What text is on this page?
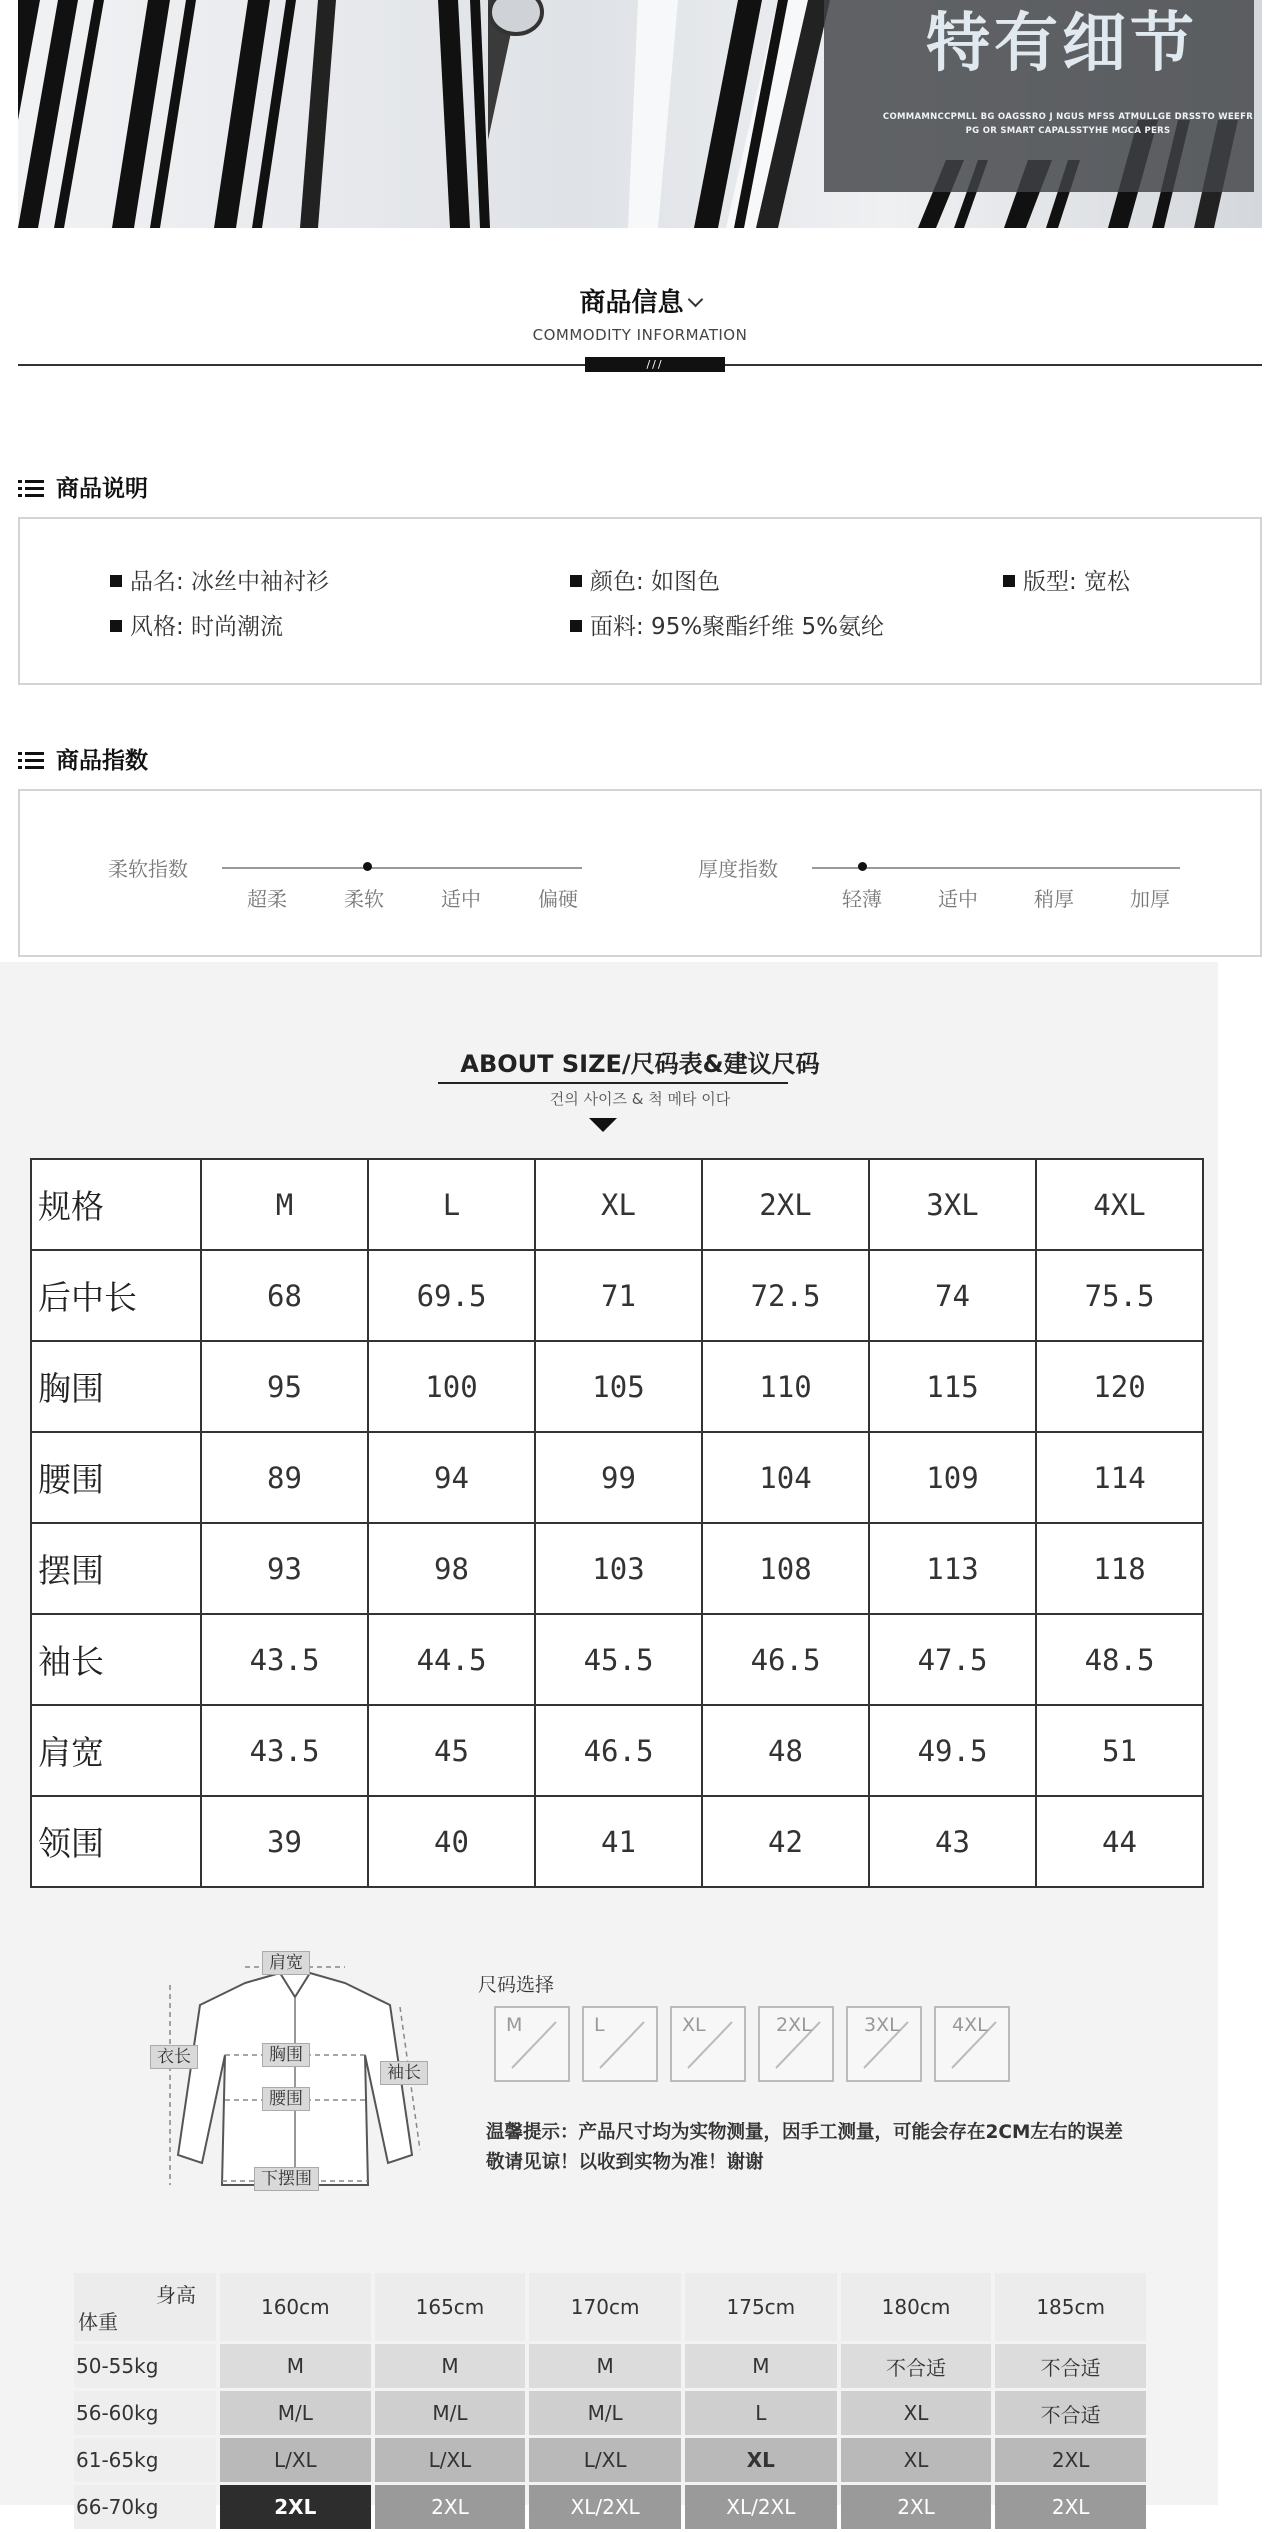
特有细节
COMMAMNCCPMLL BG OAGSSRO J NGUS MFSS ATMULLGE DRSSTO WEEFR PG OR SMART CAPALSSTYHE MGCA PERS
商品信息
COMMODITY INFORMATION
///
商品说明
品名: 冰丝中袖衬衫	颜色: 如图色	版型: 宽松
风格: 时尚潮流	面料: 95%聚酯纤维 5%氨纶
商品指数
柔软指数
超柔	柔软	适中	偏硬
厚度指数
轻薄	适中	稍厚	加厚
ABOUT SIZE/尺码表&建议尺码
건의 사이즈 & 척 메타 이다
规格	M	L	XL	2XL	3XL	4XL
后中长	68	69.5	71	72.5	74	75.5
胸围	95	100	105	110	115	120
腰围	89	94	99	104	109	114
摆围	93	98	103	108	113	118
袖长	43.5	44.5	45.5	46.5	47.5	48.5
肩宽	43.5	45	46.5	48	49.5	51
领围	39	40	41	42	43	44
肩宽
胸围
腰围
下摆围
衣长
袖长
尺码选择
M	L	XL	2XL	3XL	4XL
温馨提示：产品尺寸均为实物测量，因手工测量，可能会存在2CM左右的误差
敬请见谅！以收到实物为准！谢谢
身高
体重	160cm	165cm	170cm	175cm	180cm	185cm
50-55kg	M	M	M	M	不合适	不合适
56-60kg	M/L	M/L	M/L	L	XL	不合适
61-65kg	L/XL	L/XL	L/XL	XL	XL	2XL
66-70kg	2XL	2XL	XL/2XL	XL/2XL	2XL	2XL
